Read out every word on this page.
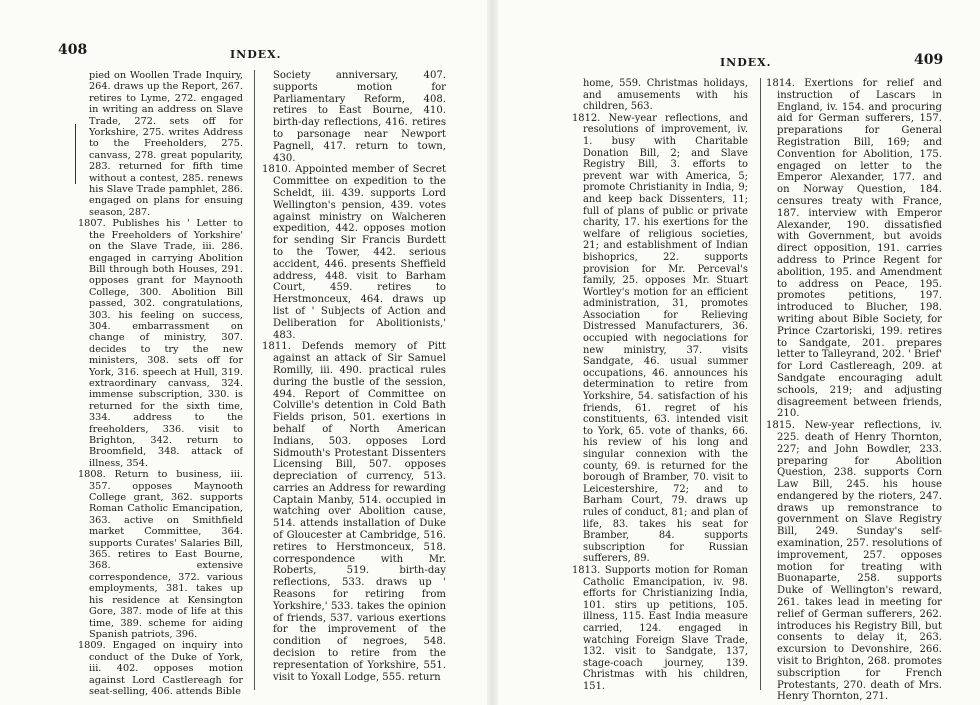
408	INDEX.

pied on Woollen Trade Inquiry, 264. draws up the Report, 267. retires to Lyme, 272. engaged in writing an address on Slave Trade, 272. sets off for Yorkshire, 275. writes Address to the Freeholders, 275. canvass, 278. great popularity, 283. returned for fifth time without a contest, 285. renews his Slave Trade pamphlet, 286. engaged on plans for ensuing season, 287.

1807. Publishes his ' Letter to the Freeholders of Yorkshire' on the Slave Trade, iii. 286. engaged in carrying Abolition Bill through both Houses, 291. opposes grant for Maynooth College, 300. Abolition Bill passed, 302. congratulations, 303. his feeling on success, 304. embarrassment on change of ministry, 307. decides to try the new ministers, 308. sets off for York, 316. speech at Hull, 319. extraordinary canvass, 324. immense subscription, 330. is returned for the sixth time, 334. address to the freeholders, 336. visit to Brighton, 342. return to Broomfield, 348. attack of illness, 354.

1808. Return to business, iii. 357. opposes Maynooth College grant, 362. supports Roman Catholic Emancipation, 363. active on Smithfield market Committee, 364. supports Curates' Salaries Bill, 365. retires to East Bourne, 368. extensive correspondence, 372. various employments, 381. takes up his residence at Kensington Gore, 387. mode of life at this time, 389. scheme for aiding Spanish patriots, 396.

1809. Engaged on inquiry into conduct of the Duke of York, iii. 402. opposes motion against Lord Castlereagh for seat-selling, 406. attends Bible

Society anniversary, 407. supports motion for Parliamentary Reform, 408. retires to East Bourne, 410. birth-day reflections, 416. retires to parsonage near Newport Pagnell, 417. return to town, 430.

1810. Appointed member of Secret Committee on expedition to the Scheldt, iii. 439. supports Lord Wellington's pension, 439. votes against ministry on Walcheren expedition, 442. opposes motion for sending Sir Francis Burdett to the Tower, 442. serious accident, 446. presents Sheffield address, 448. visit to Barham Court, 459. retires to Herstmonceux, 464. draws up list of ' Subjects of Action and Deliberation for Abolitionists,' 483.

1811. Defends memory of Pitt against an attack of Sir Samuel Romilly, iii. 490. practical rules during the bustle of the session, 494. Report of Committee on Colville's detention in Cold Bath Fields prison, 501. exertions in behalf of North American Indians, 503. opposes Lord Sidmouth's Protestant Dissenters Licensing Bill, 507. opposes depreciation of currency, 513. carries an Address for rewarding Captain Manby, 514. occupied in watching over Abolition cause, 514. attends installation of Duke of Gloucester at Cambridge, 516. retires to Herstmonceux, 518. correspondence with Mr. Roberts, 519. birth-day reflections, 533. draws up ' Reasons for retiring from Yorkshire,' 533. takes the opinion of friends, 537. various exertions for the improvement of the condition of negroes, 548. decision to retire from the representation of Yorkshire, 551. visit to Yoxall Lodge, 555. return

INDEX.	409

home, 559. Christmas holidays, and amusements with his children, 563.

1812. New-year reflections, and resolutions of improvement, iv. 1. busy with Charitable Donation Bill, 2; and Slave Registry Bill, 3. efforts to prevent war with America, 5; promote Christianity in India, 9; and keep back Dissenters, 11; full of plans of public or private charity, 17. his exertions for the welfare of religious societies, 21; and establishment of Indian bishoprics, 22. supports provision for Mr. Perceval's family, 25. opposes Mr. Stuart Wortley's motion for an efficient administration, 31, promotes Association for Relieving Distressed Manufacturers, 36. occupied with negociations for new ministry, 37. visits Sandgate, 46. usual summer occupations, 46. announces his determination to retire from Yorkshire, 54. satisfaction of his friends, 61. regret of his constituents, 63. intended visit to York, 65. vote of thanks, 66. his review of his long and singular connexion with the county, 69. is returned for the borough of Bramber, 70. visit to Leicestershire, 72; and to Barham Court, 79. draws up rules of conduct, 81; and plan of life, 83. takes his seat for Bramber, 84. supports subscription for Russian sufferers, 89.

1813. Supports motion for Roman Catholic Emancipation, iv. 98. efforts for Christianizing India, 101. stirs up petitions, 105. illness, 115. East India measure carried, 124. engaged in watching Foreign Slave Trade, 132. visit to Sandgate, 137, stage-coach journey, 139. Christmas with his children, 151.

1814. Exertions for relief and instruction of Lascars in England, iv. 154. and procuring aid for German sufferers, 157. preparations for General Registration Bill, 169; and Convention for Abolition, 175. engaged on letter to the Emperor Alexander, 177. and on Norway Question, 184. censures treaty with France, 187. interview with Emperor Alexander, 190. dissatisfied with Government, but avoids direct opposition, 191. carries address to Prince Regent for abolition, 195. and Amendment to address on Peace, 195. promotes petitions, 197. introduced to Blucher, 198. writing about Bible Society, for Prince Czartoriski, 199. retires to Sandgate, 201. prepares letter to Talleyrand, 202. ' Brief' for Lord Castlereagh, 209. at Sandgate encouraging adult schools, 219; and adjusting disagreement between friends, 210.

1815. New-year reflections, iv. 225. death of Henry Thornton, 227; and John Bowdler, 233. preparing for Abolition Question, 238. supports Corn Law Bill, 245. his house endangered by the rioters, 247. draws up remonstrance to government on Slave Registry Bill, 249. Sunday's self-examination, 257. resolutions of improvement, 257. opposes motion for treating with Buonaparte, 258. supports Duke of Wellington's reward, 261. takes lead in meeting for relief of German sufferers, 262. introduces his Registry Bill, but consents to delay it, 263. excursion to Devonshire, 266. visit to Brighton, 268. promotes subscription for French Protestants, 270. death of Mrs. Henry Thornton, 271.
